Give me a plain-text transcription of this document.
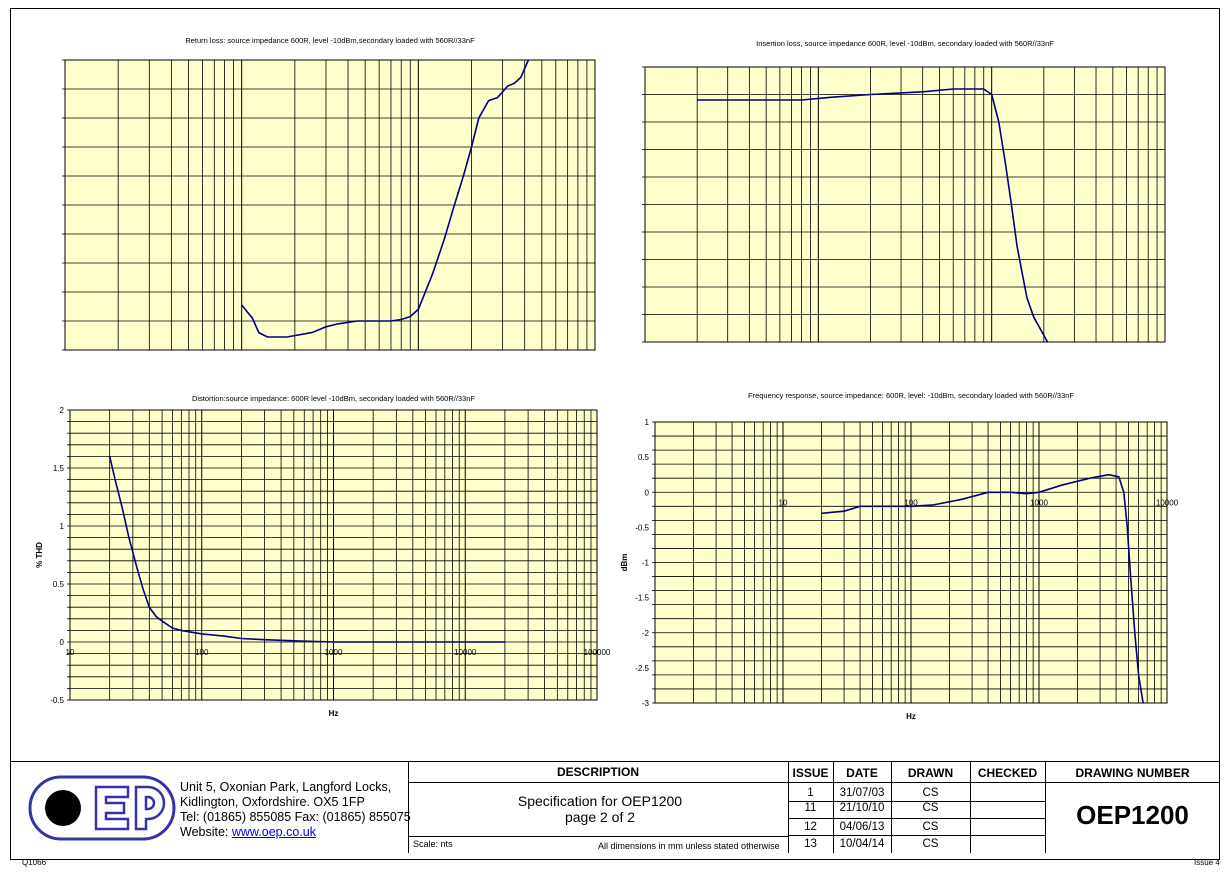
Return loss: source impedance 600R, level -10dBm,secondary loaded with 560R//33nF	Insertion loss, source impedance 600R, level -10dBm, secondary loaded with 560R//33nF
Distortion:source impedance: 600R level -10dBm, secondary loaded with 560R//33nF
2
1.5
1
0.5
0
-0.5
10	100	1000	10000	100000
Hz
% THD
Frequency response, source impedance: 600R, level: -10dBm, secondary loaded with 560R//33nF
1
0.5
0
-0.5
-1
-1.5
-2
-2.5
-3
10	100	1000	10000
Hz
dBm
Unit 5, Oxonian Park, Langford Locks,
Kidlington, Oxfordshire. OX5 1FP
Tel: (01865) 855085 Fax: (01865) 855075
Website: www.oep.co.uk
DESCRIPTION	ISSUE	DATE	DRAWN	CHECKED	DRAWING NUMBER
Specification for OEP1200
page 2 of 2
Scale: nts	All dimensions in mm unless stated otherwise
1	31/07/03	CS
11	21/10/10	CS
12	04/06/13	CS
13	10/04/14	CS
OEP1200
Q1066	Issue 4
